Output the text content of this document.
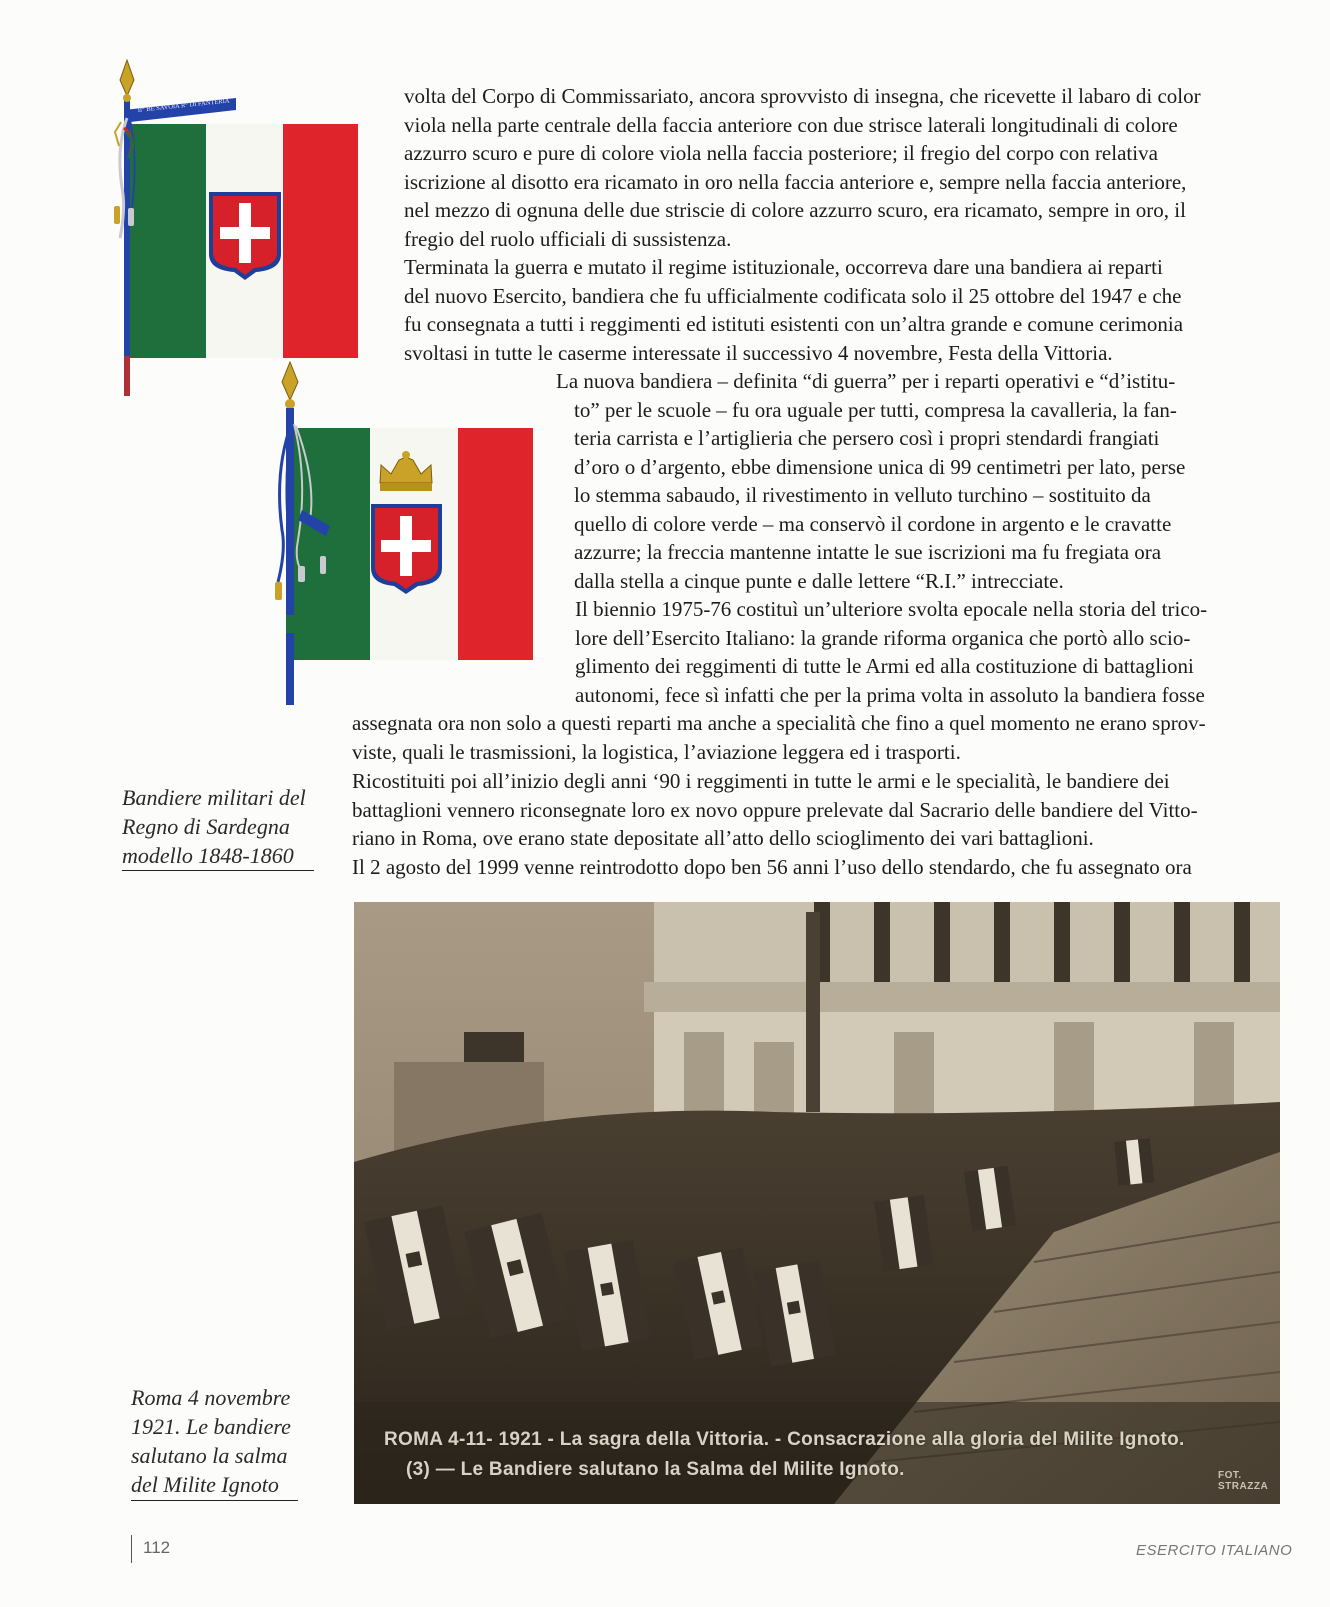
II° BE SAVOIA R° DI FANTERIA	volta del Corpo di Commissariato, ancora sprovvisto di insegna, che ricevette il labaro di color
viola nella parte centrale della faccia anteriore con due strisce laterali longitudinali di colore
azzurro scuro e pure di colore viola nella faccia posteriore; il fregio del corpo con relativa
iscrizione al disotto era ricamato in oro nella faccia anteriore e, sempre nella faccia anteriore,
nel mezzo di ognuna delle due striscie di colore azzurro scuro, era ricamato, sempre in oro, il
fregio del ruolo ufficiali di sussistenza.
Terminata la guerra e mutato il regime istituzionale, occorreva dare una bandiera ai reparti
del nuovo Esercito, bandiera che fu ufficialmente codificata solo il 25 ottobre del 1947 e che
fu consegnata a tutti i reggimenti ed istituti esistenti con un’altra grande e comune cerimonia
svoltasi in tutte le caserme interessate il successivo 4 novembre, Festa della Vittoria.
La nuova bandiera – definita “di guerra” per i reparti operativi e “d’istitu-
to” per le scuole – fu ora uguale per tutti, compresa la cavalleria, la fan-
teria carrista e l’artiglieria che persero così i propri stendardi frangiati
d’oro o d’argento, ebbe dimensione unica di 99 centimetri per lato, perse
lo stemma sabaudo, il rivestimento in velluto turchino – sostituito da
quello di colore verde – ma conservò il cordone in argento e le cravatte
azzurre; la freccia mantenne intatte le sue iscrizioni ma fu fregiata ora
dalla stella a cinque punte e dalle lettere “R.I.” intrecciate.
Il biennio 1975-76 costituì un’ulteriore svolta epocale nella storia del trico-
lore dell’Esercito Italiano: la grande riforma organica che portò allo scio-
glimento dei reggimenti di tutte le Armi ed alla costituzione di battaglioni
autonomi, fece sì infatti che per la prima volta in assoluto la bandiera fosse
assegnata ora non solo a questi reparti ma anche a specialità che fino a quel momento ne erano sprov-
viste, quali le trasmissioni, la logistica, l’aviazione leggera ed i trasporti.
Ricostituiti poi all’inizio degli anni ‘90 i reggimenti in tutte le armi e le specialità, le bandiere dei
battaglioni vennero riconsegnate loro ex novo oppure prelevate dal Sacrario delle bandiere del Vitto-
riano in Roma, ove erano state depositate all’atto dello scioglimento dei vari battaglioni.
Il 2 agosto del 1999 venne reintrodotto dopo ben 56 anni l’uso dello stendardo, che fu assegnato ora
Bandiere militari del
Regno di Sardegna
modello 1848-1860
ROMA 4-11- 1921 - La sagra della Vittoria. - Consacrazione alla gloria del Milite Ignoto.
(3) — Le Bandiere salutano la Salma del Milite Ignoto.	FOT. STRAZZA
Roma 4 novembre
1921. Le bandiere
salutano la salma
del Milite Ignoto
112	ESERCITO ITALIANO
